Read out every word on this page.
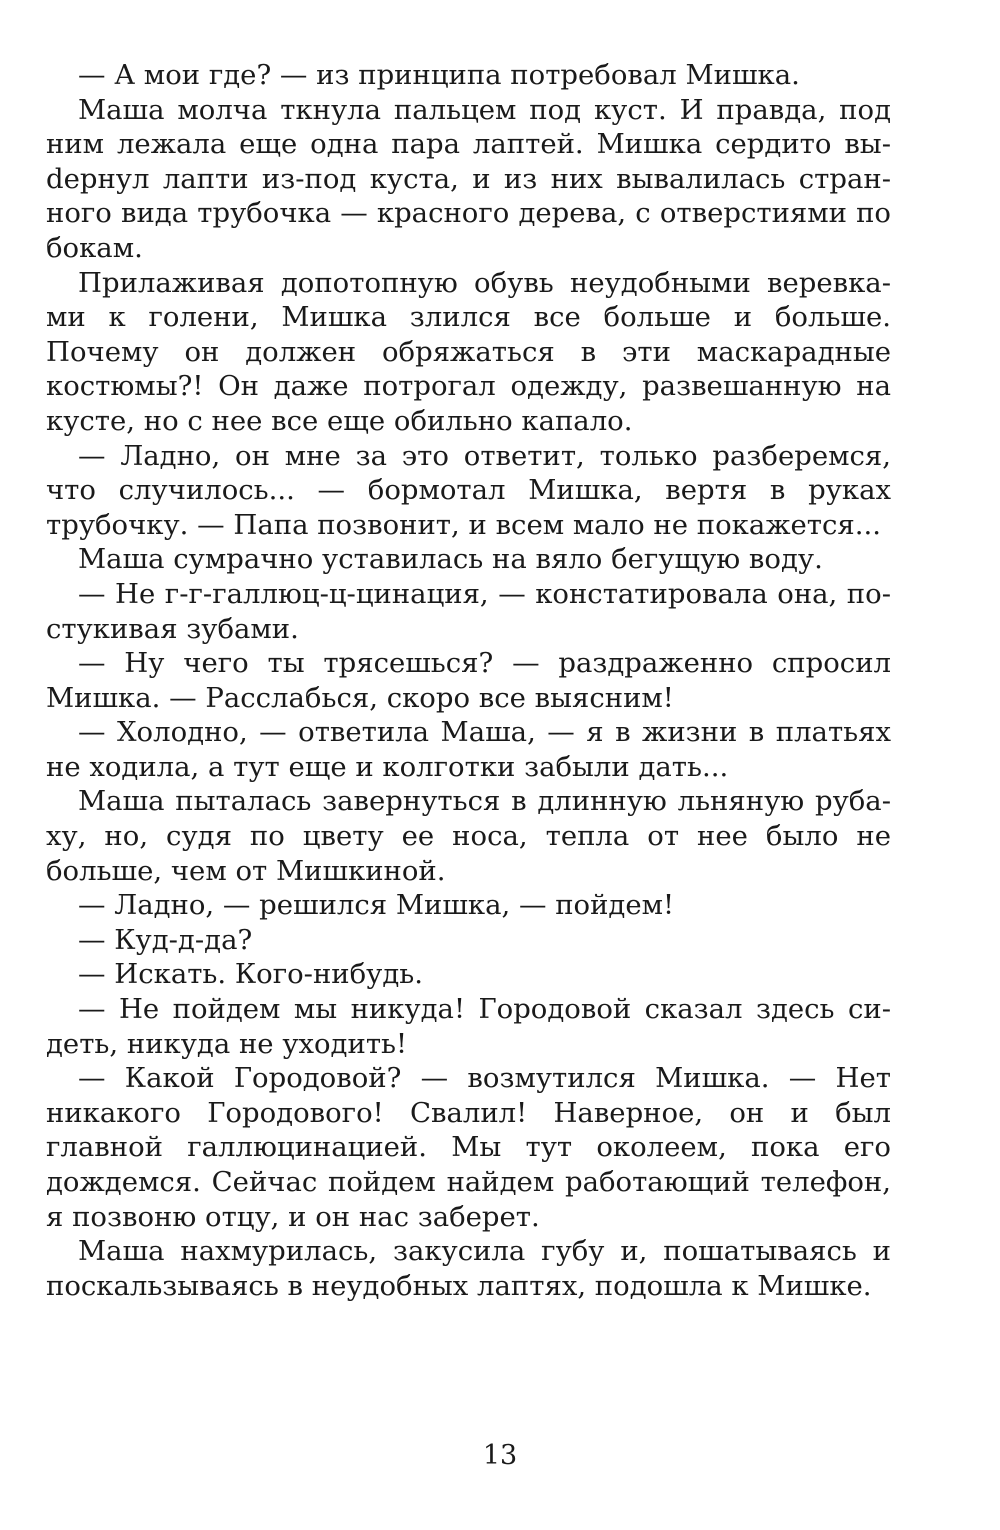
— А мои где? — из принципа потребовал Мишка.

Маша молча ткнула пальцем под куст. И правда, под ним лежала еще одна пара лаптей. Мишка сердито выdернул лапти из-под куста, и из них вывалилась странного вида трубочка — красного дерева, с отверстиями по бокам.

Прилаживая допотопную обувь неудобными веревками к голени, Мишка злился все больше и больше. Почему он должен обряжаться в эти маскарадные костюмы?! Он даже потрогал одежду, развешанную на кусте, но с нее все еще обильно капало.

— Ладно, он мне за это ответит, только разберемся, что случилось... — бормотал Мишка, вертя в руках трубочку. — Папа позвонит, и всем мало не покажется...

Маша сумрачно уставилась на вяло бегущую воду.

— Не г-г-галлюц-ц-цинация, — констатировала она, постукивая зубами.

— Ну чего ты трясешься? — раздраженно спросил Мишка. — Расслабься, скоро все выясним!

— Холодно, — ответила Маша, — я в жизни в платьях не ходила, а тут еще и колготки забыли дать...

Маша пыталась завернуться в длинную льняную рубаху, но, судя по цвету ее носа, тепла от нее было не больше, чем от Мишкиной.

— Ладно, — решился Мишка, — пойдем!

— Куд-д-да?

— Искать. Кого-нибудь.

— Не пойдем мы никуда! Городовой сказал здесь сидеть, никуда не уходить!

— Какой Городовой? — возмутился Мишка. — Нет никакого Городового! Свалил! Наверное, он и был главной галлюцинацией. Мы тут околеем, пока его дождемся. Сейчас пойдем найдем работающий телефон, я позвоню отцу, и он нас заберет.

Маша нахмурилась, закусила губу и, пошатываясь и поскальзываясь в неудобных лаптях, подошла к Мишке.

13
